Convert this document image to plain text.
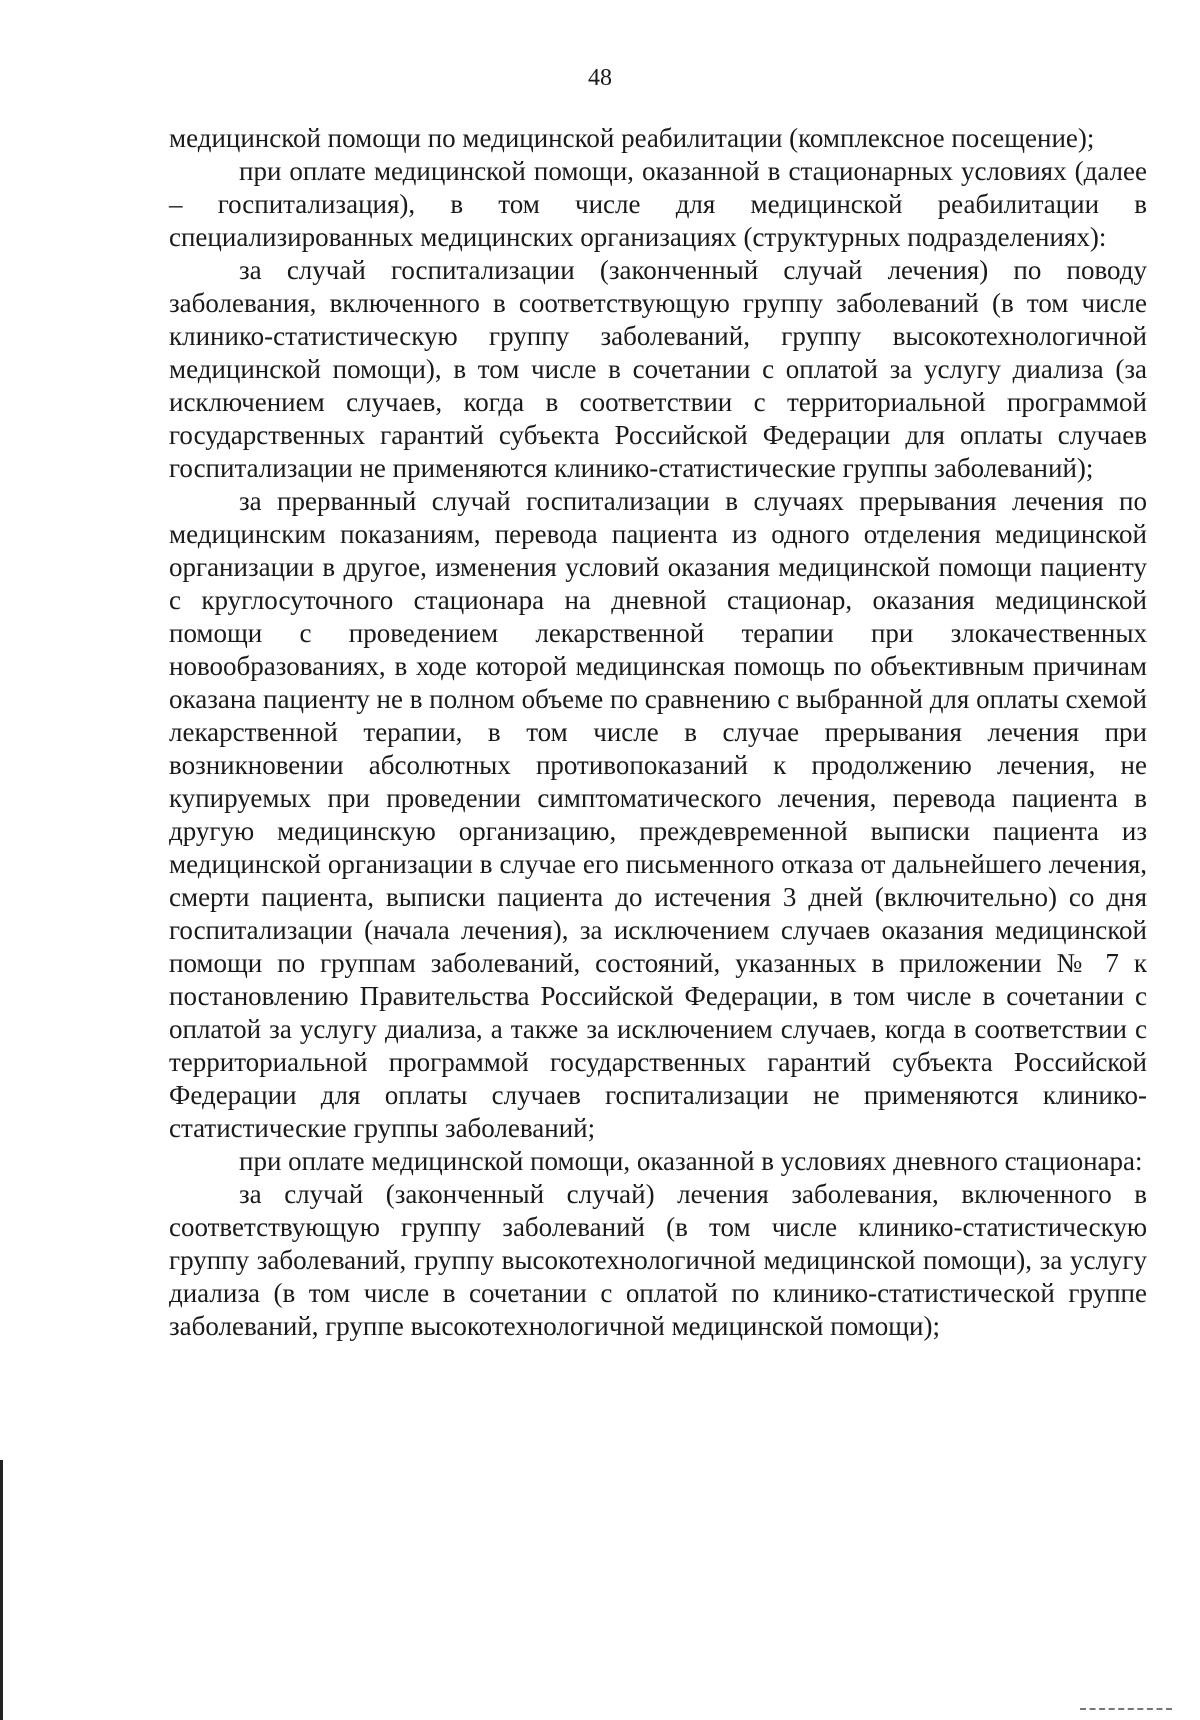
48

медицинской помощи по медицинской реабилитации (комплексное посещение);

при оплате медицинской помощи, оказанной в стационарных условиях (далее – госпитализация), в том числе для медицинской реабилитации в специализированных медицинских организациях (структурных подразделениях):

за случай госпитализации (законченный случай лечения) по поводу заболевания, включенного в соответствующую группу заболеваний (в том числе клинико-статистическую группу заболеваний, группу высокотехнологичной медицинской помощи), в том числе в сочетании с оплатой за услугу диализа (за исключением случаев, когда в соответствии с территориальной программой государственных гарантий субъекта Российской Федерации для оплаты случаев госпитализации не применяются клинико-статистические группы заболеваний);

за прерванный случай госпитализации в случаях прерывания лечения по медицинским показаниям, перевода пациента из одного отделения медицинской организации в другое, изменения условий оказания медицинской помощи пациенту с круглосуточного стационара на дневной стационар, оказания медицинской помощи с проведением лекарственной терапии при злокачественных новообразованиях, в ходе которой медицинская помощь по объективным причинам оказана пациенту не в полном объеме по сравнению с выбранной для оплаты схемой лекарственной терапии, в том числе в случае прерывания лечения при возникновении абсолютных противопоказаний к продолжению лечения, не купируемых при проведении симптоматического лечения, перевода пациента в другую медицинскую организацию, преждевременной выписки пациента из медицинской организации в случае его письменного отказа от дальнейшего лечения, смерти пациента, выписки пациента до истечения 3 дней (включительно) со дня госпитализации (начала лечения), за исключением случаев оказания медицинской помощи по группам заболеваний, состояний, указанных в приложении № 7 к постановлению Правительства Российской Федерации, в том числе в сочетании с оплатой за услугу диализа, а также за исключением случаев, когда в соответствии с территориальной программой государственных гарантий субъекта Российской Федерации для оплаты случаев госпитализации не применяются клинико-статистические группы заболеваний;

при оплате медицинской помощи, оказанной в условиях дневного стационара:

за случай (законченный случай) лечения заболевания, включенного в соответствующую группу заболеваний (в том числе клинико-статистическую группу заболеваний, группу высокотехнологичной медицинской помощи), за услугу диализа (в том числе в сочетании с оплатой по клинико-статистической группе заболеваний, группе высокотехнологичной медицинской помощи);
